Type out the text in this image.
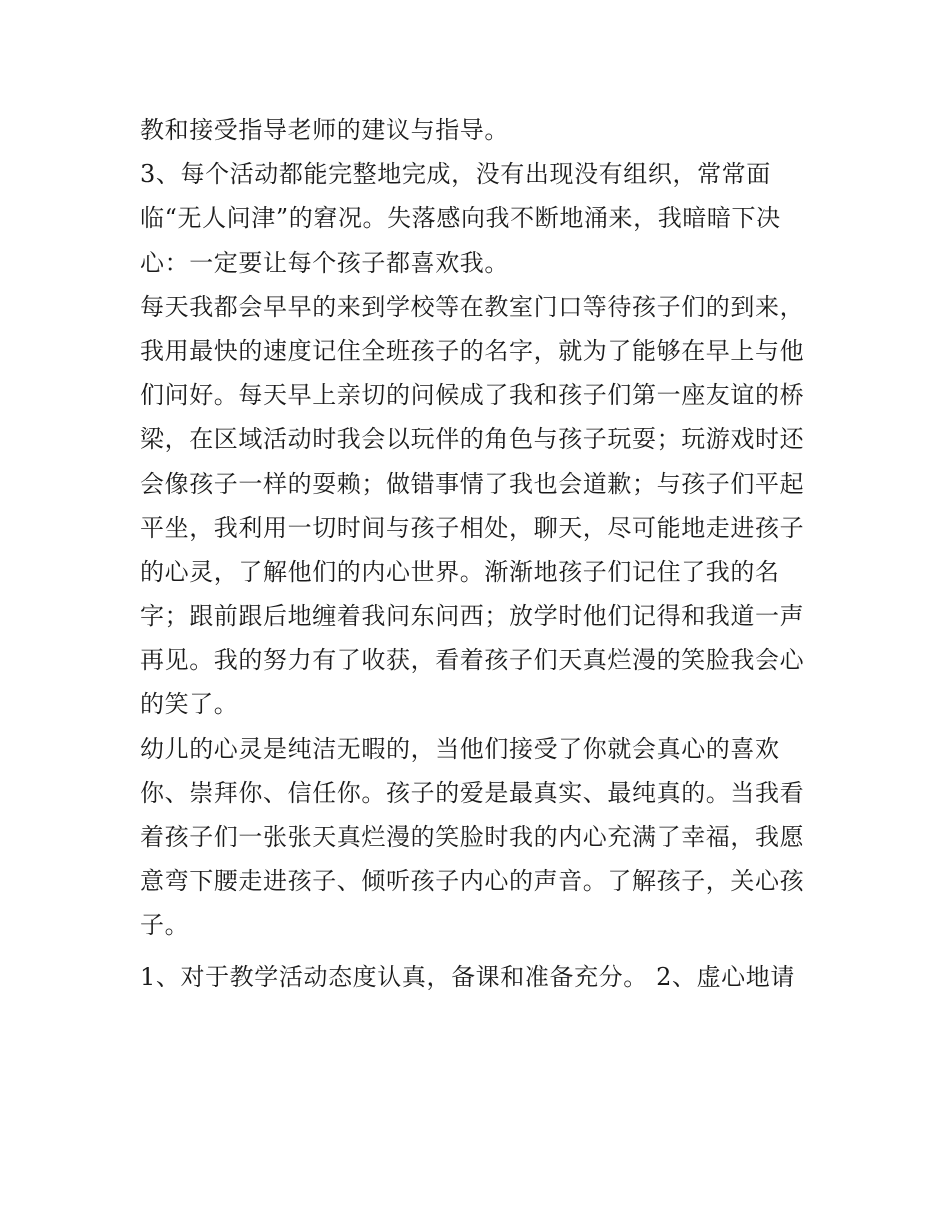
教和接受指导老师的建议与指导。
3、每个活动都能完整地完成，没有出现没有组织，常常面
临“无人问津”的窘况。失落感向我不断地涌来，我暗暗下决
心：一定要让每个孩子都喜欢我。
每天我都会早早的来到学校等在教室门口等待孩子们的到来，
我用最快的速度记住全班孩子的名字，就为了能够在早上与他
们问好。每天早上亲切的问候成了我和孩子们第一座友谊的桥
梁，在区域活动时我会以玩伴的角色与孩子玩耍；玩游戏时还
会像孩子一样的耍赖；做错事情了我也会道歉；与孩子们平起
平坐，我利用一切时间与孩子相处，聊天，尽可能地走进孩子
的心灵，了解他们的内心世界。渐渐地孩子们记住了我的名
字；跟前跟后地缠着我问东问西；放学时他们记得和我道一声
再见。我的努力有了收获，看着孩子们天真烂漫的笑脸我会心
的笑了。
幼儿的心灵是纯洁无暇的，当他们接受了你就会真心的喜欢
你、崇拜你、信任你。孩子的爱是最真实、最纯真的。当我看
着孩子们一张张天真烂漫的笑脸时我的内心充满了幸福，我愿
意弯下腰走进孩子、倾听孩子内心的声音。了解孩子，关心孩
子。
1、对于教学活动态度认真，备课和准备充分。 2、虚心地请
